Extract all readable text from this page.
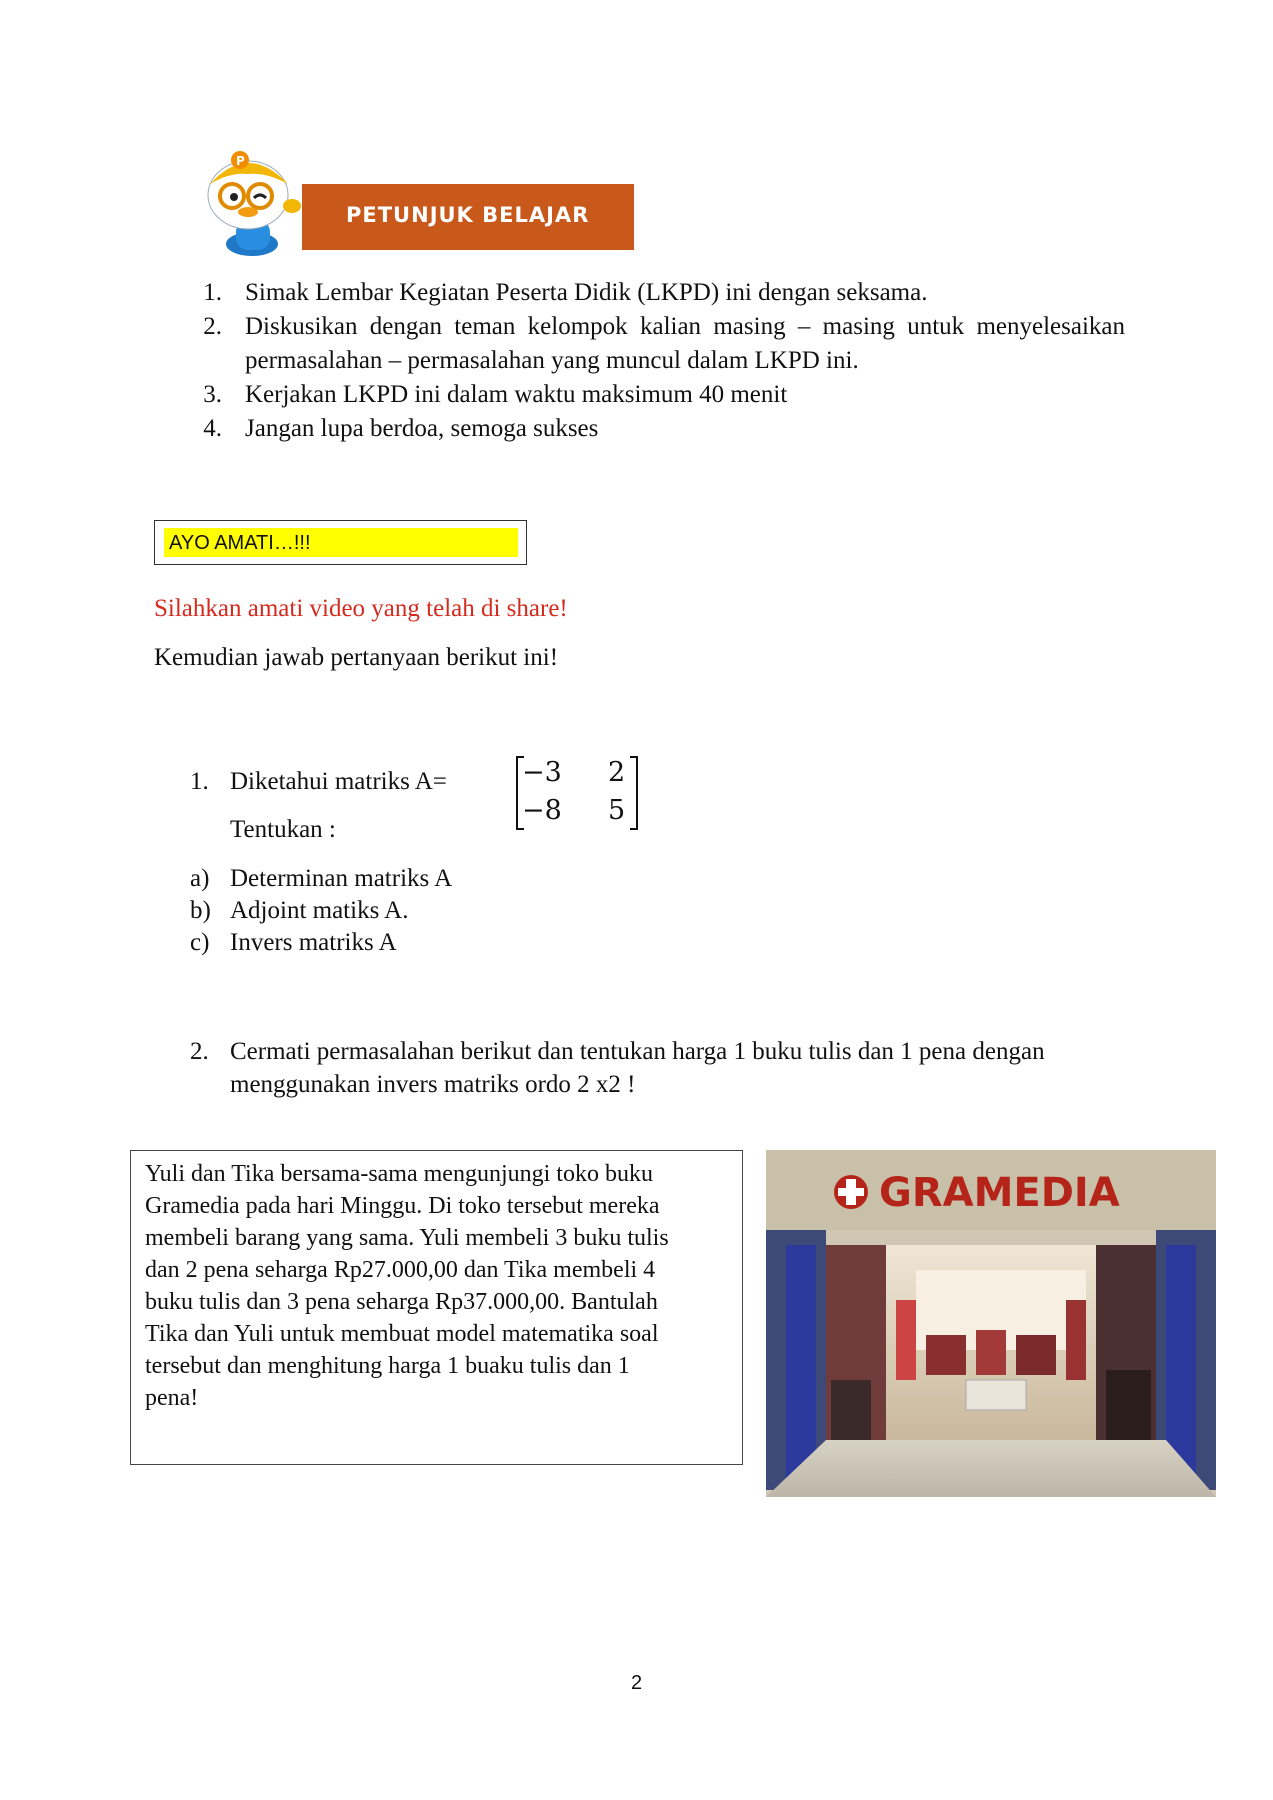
P
PETUNJUK BELAJAR
1. Simak Lembar Kegiatan Peserta Didik (LKPD) ini dengan seksama.
2. Diskusikan dengan teman kelompok kalian masing – masing untuk menyelesaikan
permasalahan – permasalahan yang muncul dalam LKPD ini.
3. Kerjakan LKPD ini dalam waktu maksimum 40 menit
4. Jangan lupa berdoa, semoga sukses
AYO AMATI…!!!
Silahkan amati video yang telah di share!
Kemudian jawab pertanyaan berikut ini!
1. Diketahui matriks A=
Tentukan :
−3 2
−8 5
a) Determinan matriks A
b) Adjoint matiks A.
c) Invers matriks A
2. Cermati permasalahan berikut dan tentukan harga 1 buku tulis dan 1 pena dengan
menggunakan invers matriks ordo 2 x2 !
Yuli dan Tika bersama-sama mengunjungi toko buku
Gramedia pada hari Minggu. Di toko tersebut mereka
membeli barang yang sama. Yuli membeli 3 buku tulis
dan 2 pena seharga Rp27.000,00 dan Tika membeli 4
buku tulis dan 3 pena seharga Rp37.000,00. Bantulah
Tika dan Yuli untuk membuat model matematika soal
tersebut dan menghitung harga 1 buaku tulis dan 1
pena!
GRAMEDIA
2
